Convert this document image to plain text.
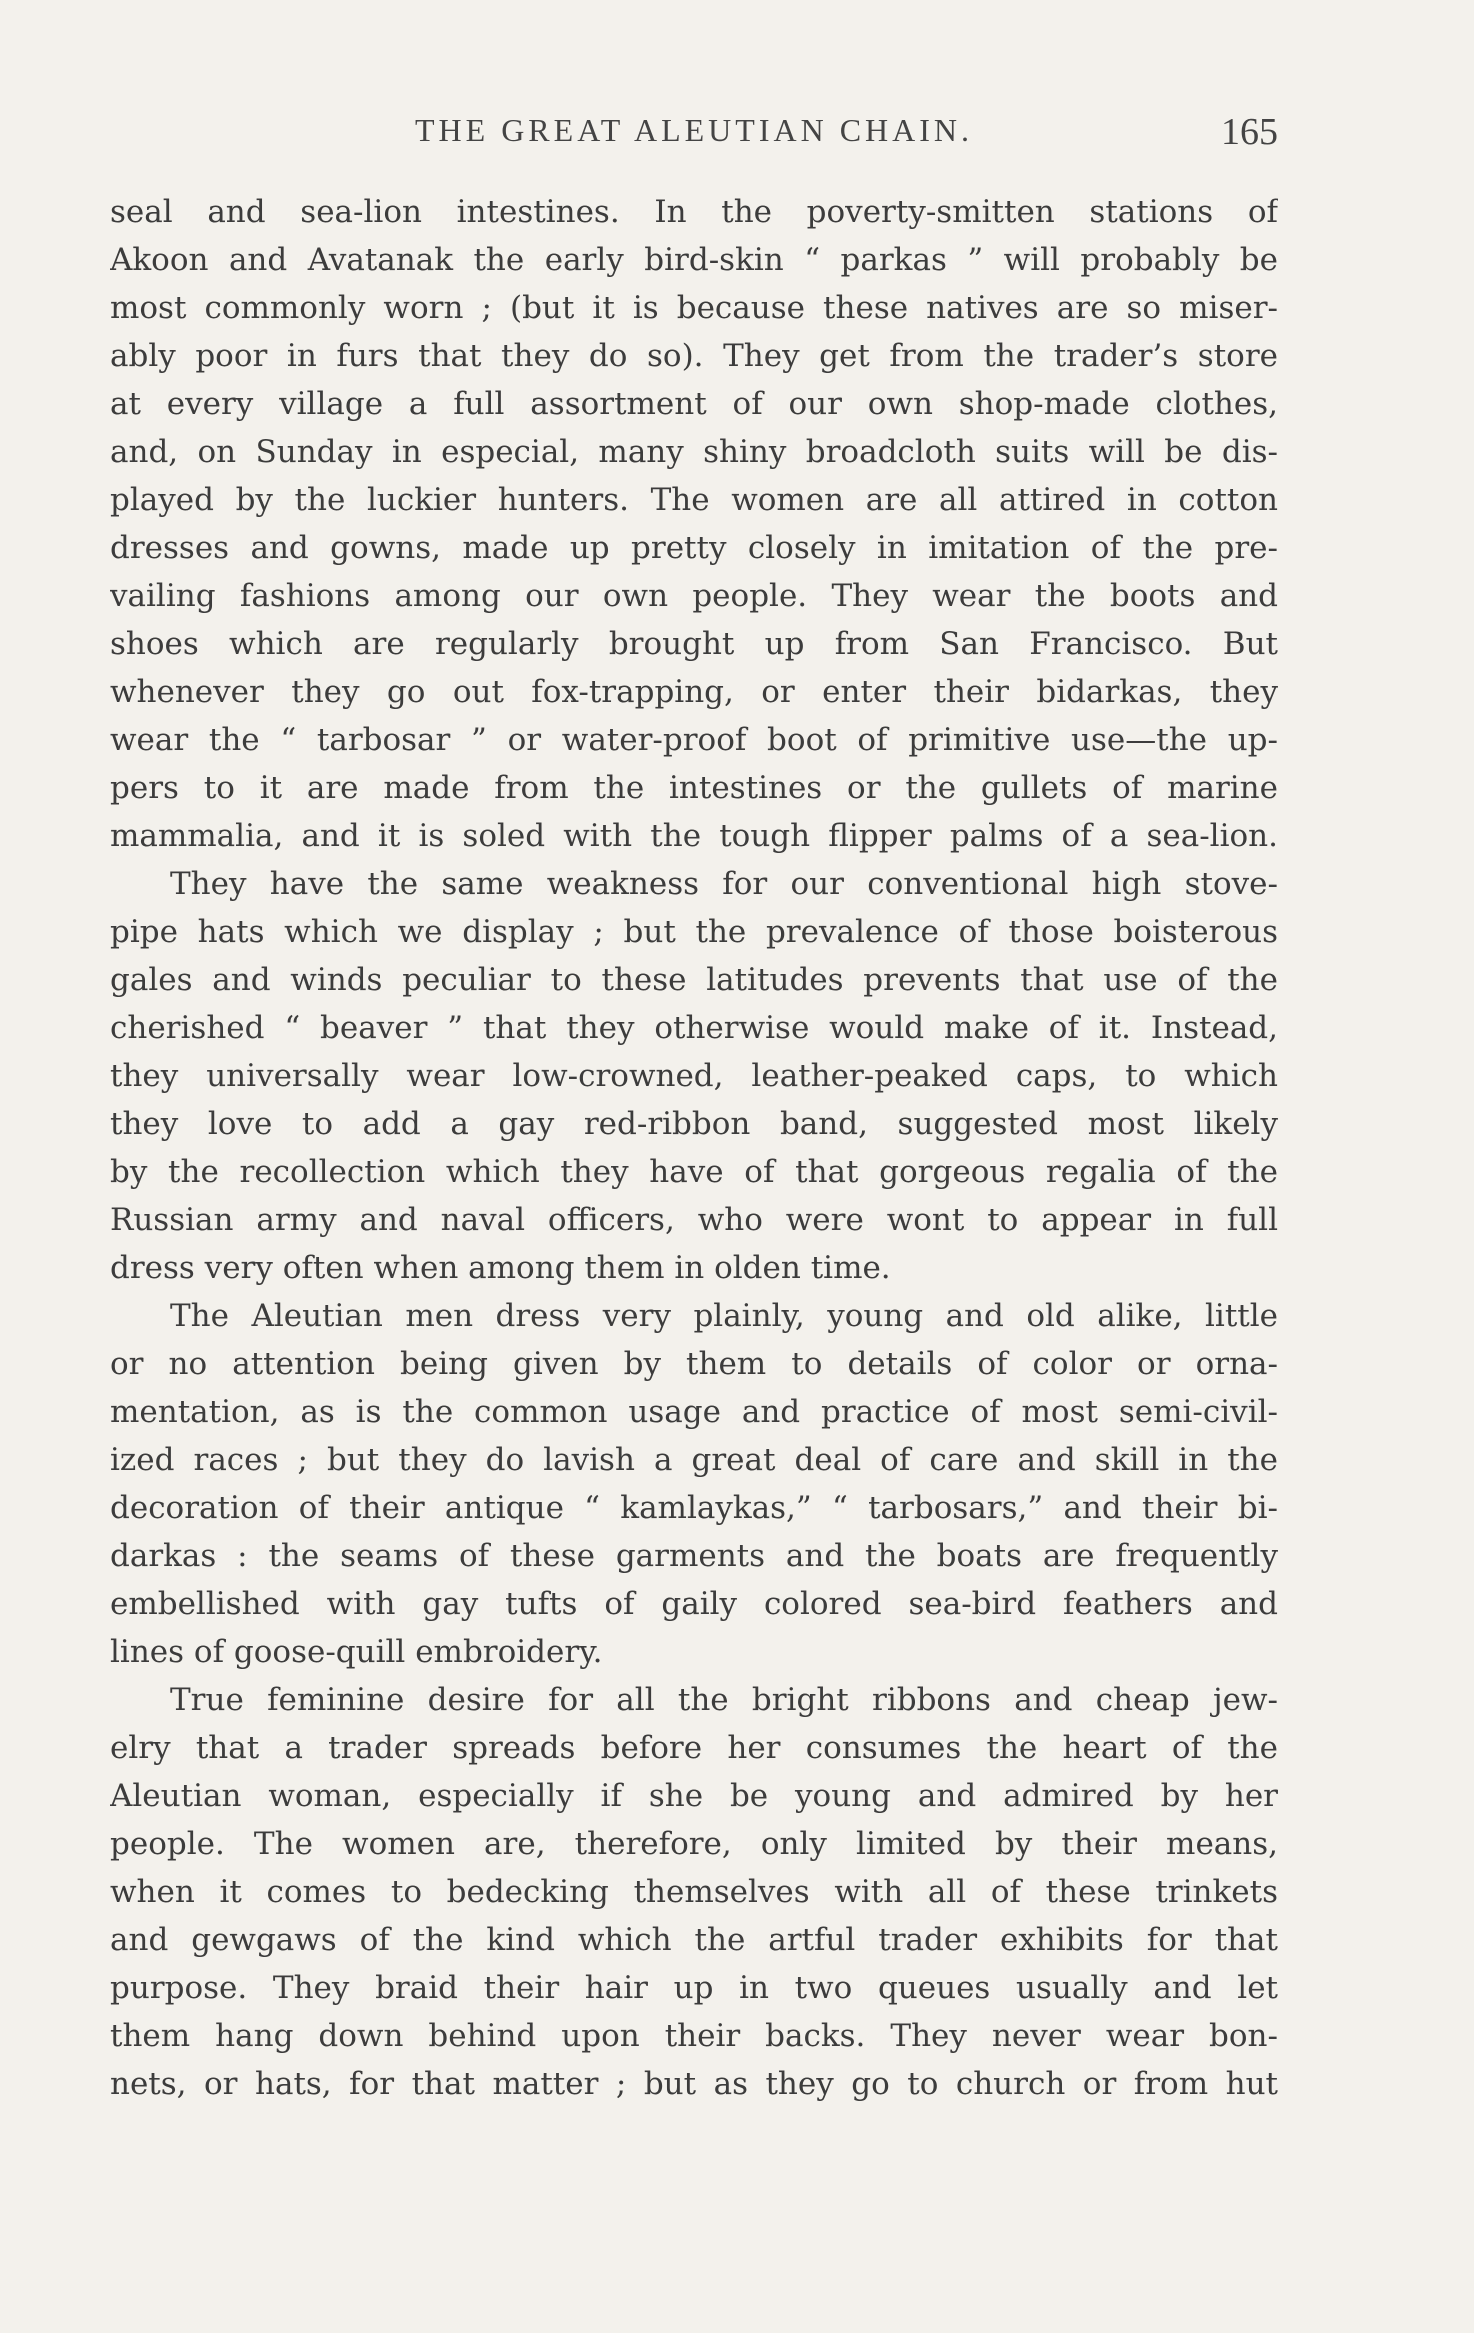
THE GREAT ALEUTIAN CHAIN.	165
seal and sea-lion intestines. In the poverty-smitten stations of
Akoon and Avatanak the early bird-skin “ parkas ” will probably be
most commonly worn ; (but it is because these natives are so miser-
ably poor in furs that they do so). They get from the trader’s store
at every village a full assortment of our own shop-made clothes,
and, on Sunday in especial, many shiny broadcloth suits will be dis-
played by the luckier hunters. The women are all attired in cotton
dresses and gowns, made up pretty closely in imitation of the pre-
vailing fashions among our own people. They wear the boots and
shoes which are regularly brought up from San Francisco. But
whenever they go out fox-trapping, or enter their bidarkas, they
wear the “ tarbosar ” or water-proof boot of primitive use—the up-
pers to it are made from the intestines or the gullets of marine
mammalia, and it is soled with the tough flipper palms of a sea-lion.
They have the same weakness for our conventional high stove-
pipe hats which we display ; but the prevalence of those boisterous
gales and winds peculiar to these latitudes prevents that use of the
cherished “ beaver ” that they otherwise would make of it. Instead,
they universally wear low-crowned, leather-peaked caps, to which
they love to add a gay red-ribbon band, suggested most likely
by the recollection which they have of that gorgeous regalia of the
Russian army and naval officers, who were wont to appear in full
dress very often when among them in olden time.
The Aleutian men dress very plainly, young and old alike, little
or no attention being given by them to details of color or orna-
mentation, as is the common usage and practice of most semi-civil-
ized races ; but they do lavish a great deal of care and skill in the
decoration of their antique “ kamlaykas,” “ tarbosars,” and their bi-
darkas : the seams of these garments and the boats are frequently
embellished with gay tufts of gaily colored sea-bird feathers and
lines of goose-quill embroidery.
True feminine desire for all the bright ribbons and cheap jew-
elry that a trader spreads before her consumes the heart of the
Aleutian woman, especially if she be young and admired by her
people. The women are, therefore, only limited by their means,
when it comes to bedecking themselves with all of these trinkets
and gewgaws of the kind which the artful trader exhibits for that
purpose. They braid their hair up in two queues usually and let
them hang down behind upon their backs. They never wear bon-
nets, or hats, for that matter ; but as they go to church or from hut
